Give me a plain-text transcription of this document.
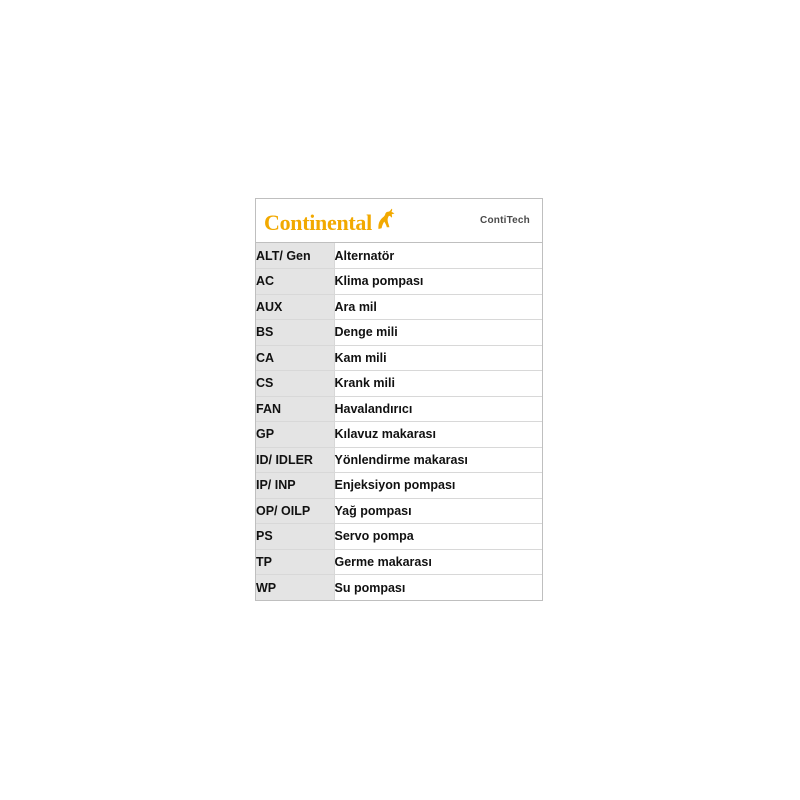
Continental	ContiTech
ALT/ Gen	Alternatör
AC	Klima pompası
AUX	Ara mil
BS	Denge mili
CA	Kam mili
CS	Krank mili
FAN	Havalandırıcı
GP	Kılavuz makarası
ID/ IDLER	Yönlendirme makarası
IP/ INP	Enjeksiyon pompası
OP/ OILP	Yağ pompası
PS	Servo pompa
TP	Germe makarası
WP	Su pompası
